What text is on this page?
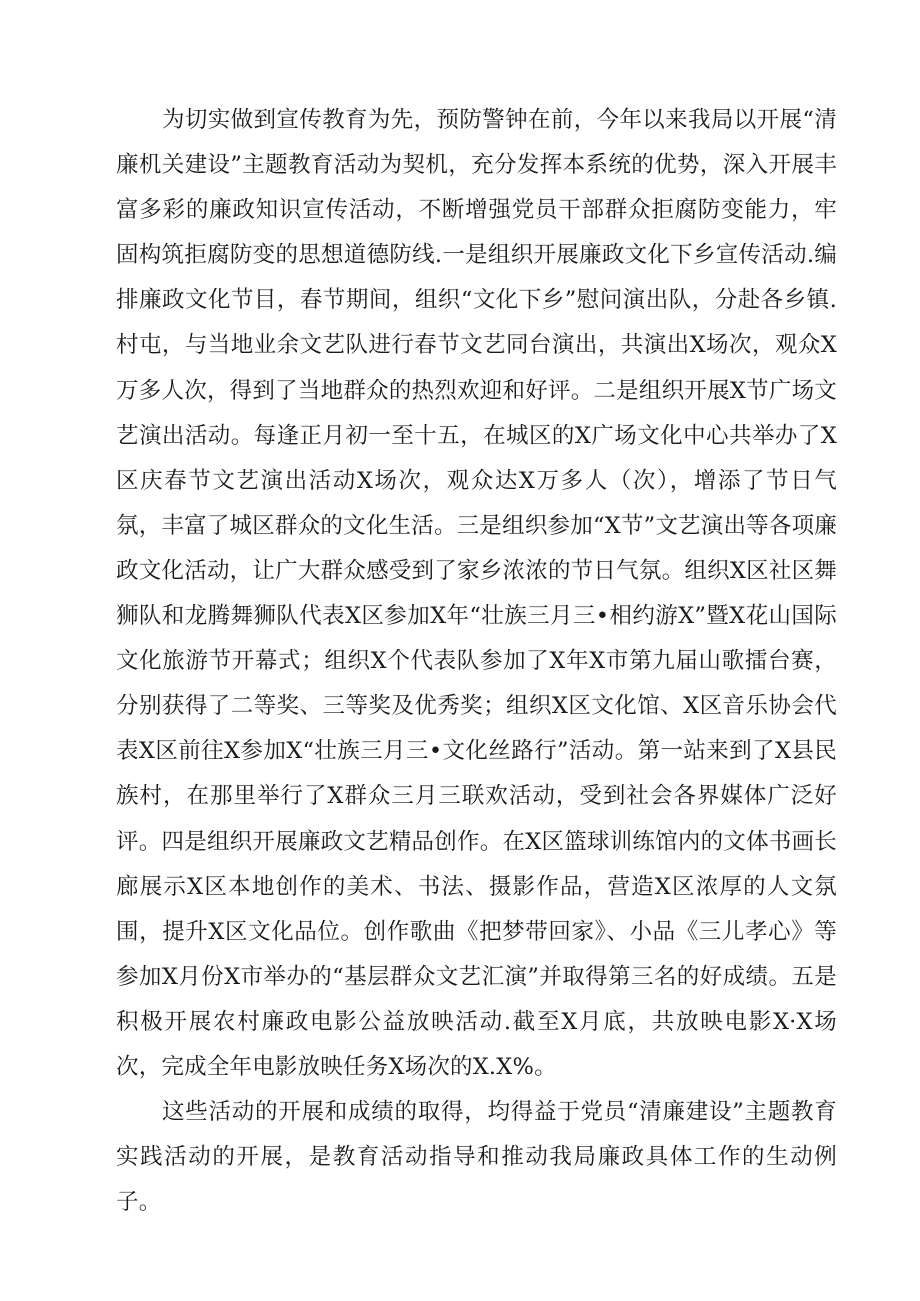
为切实做到宣传教育为先，预防警钟在前，今年以来我局以开展“清廉机关建设”主题教育活动为契机，充分发挥本系统的优势，深入开展丰富多彩的廉政知识宣传活动，不断增强党员干部群众拒腐防变能力，牢固构筑拒腐防变的思想道德防线.一是组织开展廉政文化下乡宣传活动.编排廉政文化节目，春节期间，组织“文化下乡”慰问演出队，分赴各乡镇.村屯，与当地业余文艺队进行春节文艺同台演出，共演出X场次，观众X万多人次，得到了当地群众的热烈欢迎和好评。二是组织开展X节广场文艺演出活动。每逢正月初一至十五，在城区的X广场文化中心共举办了X区庆春节文艺演出活动X场次，观众达X万多人（次），增添了节日气氛，丰富了城区群众的文化生活。三是组织参加“X节”文艺演出等各项廉政文化活动，让广大群众感受到了家乡浓浓的节日气氛。组织X区社区舞狮队和龙腾舞狮队代表X区参加X年“壮族三月三•相约游X”暨X花山国际文化旅游节开幕式；组织X个代表队参加了X年X市第九届山歌擂台赛，分别获得了二等奖、三等奖及优秀奖；组织X区文化馆、X区音乐协会代表X区前往X参加X“壮族三月三•文化丝路行”活动。第一站来到了X县民族村，在那里举行了X群众三月三联欢活动，受到社会各界媒体广泛好评。四是组织开展廉政文艺精品创作。在X区篮球训练馆内的文体书画长廊展示X区本地创作的美术、书法、摄影作品，营造X区浓厚的人文氛围，提升X区文化品位。创作歌曲《把梦带回家》、小品《三儿孝心》等参加X月份X市举办的“基层群众文艺汇演”并取得第三名的好成绩。五是积极开展农村廉政电影公益放映活动.截至X月底，共放映电影X·X场次，完成全年电影放映任务X场次的X.X%。

这些活动的开展和成绩的取得，均得益于党员“清廉建设”主题教育实践活动的开展，是教育活动指导和推动我局廉政具体工作的生动例子。
